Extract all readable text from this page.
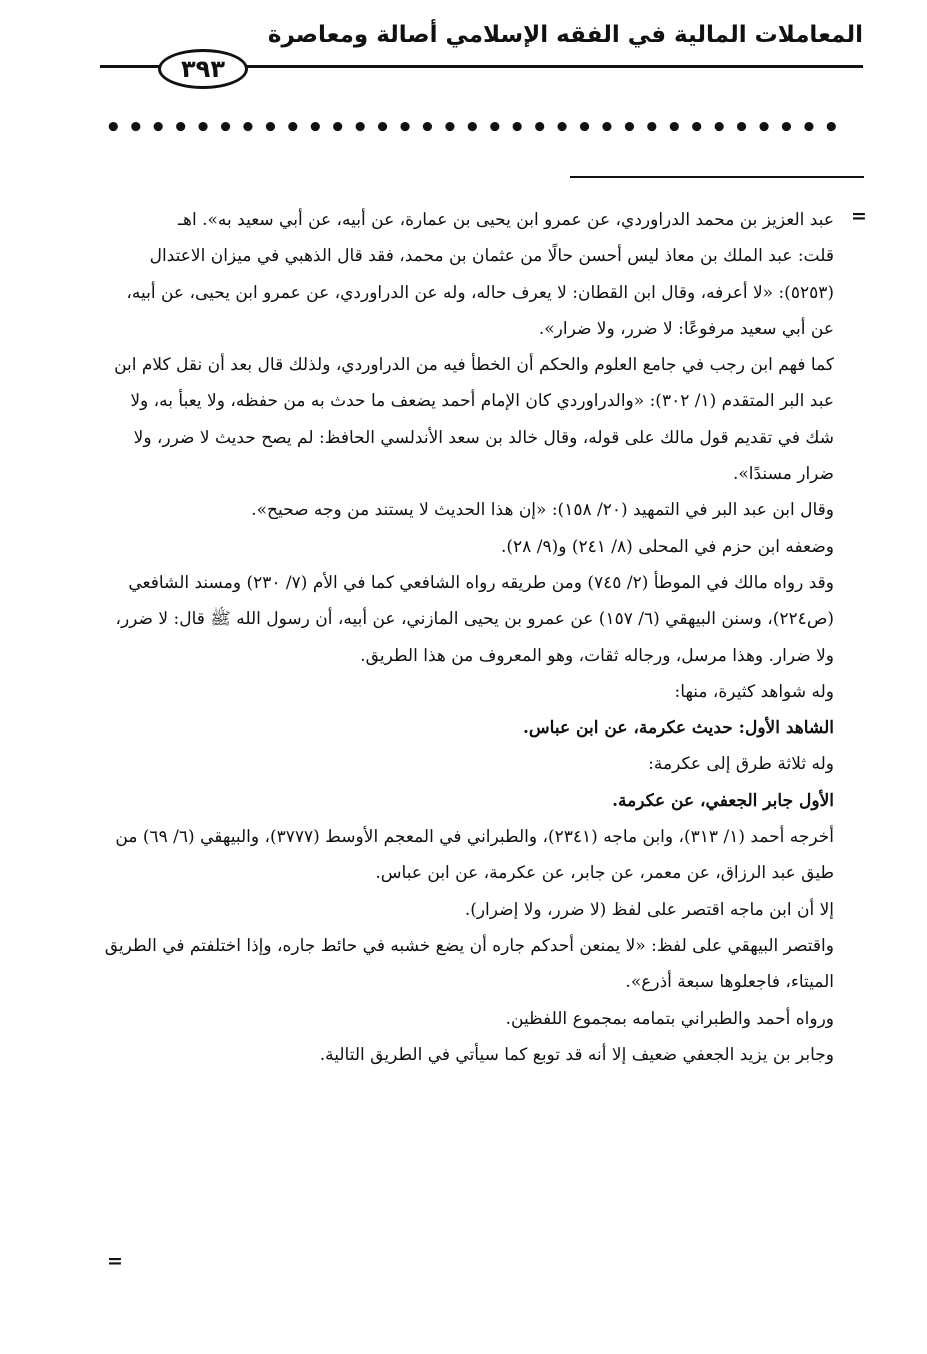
المعاملات المالية في الفقه الإسلامي أصالة ومعاصرة
٣٩٣
• • • • • • • • • • • • • • • • • • • • • • • • • • • • • • • • •
=

عبد العزيز بن محمد الدراوردي، عن عمرو ابن يحيى بن عمارة، عن أبيه، عن أبي سعيد به». اهـ

قلت: عبد الملك بن معاذ ليس أحسن حالًا من عثمان بن محمد، فقد قال الذهبي في ميزان الاعتدال (٥٢٥٣): «لا أعرفه، وقال ابن القطان: لا يعرف حاله، وله عن الدراوردي، عن عمرو ابن يحيى، عن أبيه، عن أبي سعيد مرفوعًا: لا ضرر، ولا ضرار».

كما فهم ابن رجب في جامع العلوم والحكم أن الخطأ فيه من الدراوردي، ولذلك قال بعد أن نقل كلام ابن عبد البر المتقدم (١/ ٣٠٢): «والدراوردي كان الإمام أحمد يضعف ما حدث به من حفظه، ولا يعبأ به، ولا شك في تقديم قول مالك على قوله، وقال خالد بن سعد الأندلسي الحافظ: لم يصح حديث لا ضرر، ولا ضرار مسندًا».

وقال ابن عبد البر في التمهيد (٢٠/ ١٥٨): «إن هذا الحديث لا يستند من وجه صحيح».

وضعفه ابن حزم في المحلى (٨/ ٢٤١) و(٩/ ٢٨).

وقد رواه مالك في الموطأ (٢/ ٧٤٥) ومن طريقه رواه الشافعي كما في الأم (٧/ ٢٣٠) ومسند الشافعي (ص٢٢٤)، وسنن البيهقي (٦/ ١٥٧) عن عمرو بن يحيى المازني، عن أبيه، أن رسول الله ﷺ قال: لا ضرر، ولا ضرار. وهذا مرسل، ورجاله ثقات، وهو المعروف من هذا الطريق.

وله شواهد كثيرة، منها:

الشاهد الأول: حديث عكرمة، عن ابن عباس.

وله ثلاثة طرق إلى عكرمة:

الأول جابر الجعفي، عن عكرمة.

أخرجه أحمد (١/ ٣١٣)، وابن ماجه (٢٣٤١)، والطبراني في المعجم الأوسط (٣٧٧٧)، والبيهقي (٦/ ٦٩) من طيق عبد الرزاق، عن معمر، عن جابر، عن عكرمة، عن ابن عباس.

إلا أن ابن ماجه اقتصر على لفظ (لا ضرر، ولا إضرار).

واقتصر البيهقي على لفظ: «لا يمنعن أحدكم جاره أن يضع خشبه في حائط جاره، وإذا اختلفتم في الطريق الميتاء، فاجعلوها سبعة أذرع».

ورواه أحمد والطبراني بتمامه بمجموع اللفظين.

وجابر بن يزيد الجعفي ضعيف إلا أنه قد توبع كما سيأتي في الطريق التالية.

=
